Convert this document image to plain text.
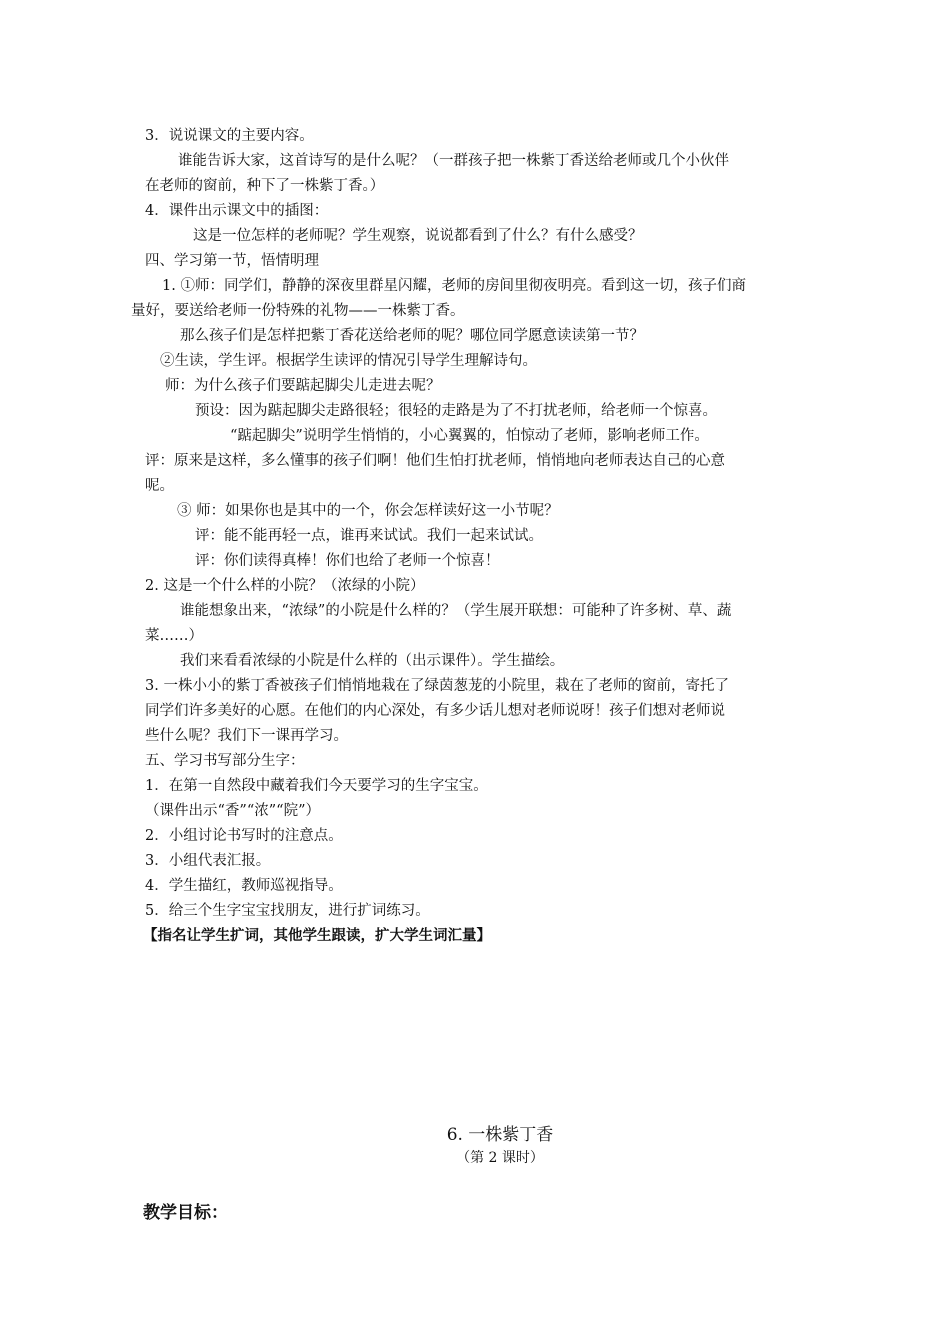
3．说说课文的主要内容。
谁能告诉大家，这首诗写的是什么呢？（一群孩子把一株紫丁香送给老师或几个小伙伴
在老师的窗前，种下了一株紫丁香。）
4．课件出示课文中的插图：
这是一位怎样的老师呢？学生观察，说说都看到了什么？有什么感受？
四、学习第一节，悟情明理
1. ①师：同学们，静静的深夜里群星闪耀，老师的房间里彻夜明亮。看到这一切，孩子们商
量好，要送给老师一份特殊的礼物——一株紫丁香。
那么孩子们是怎样把紫丁香花送给老师的呢？哪位同学愿意读读第一节？
②生读，学生评。根据学生读评的情况引导学生理解诗句。
师：为什么孩子们要踮起脚尖儿走进去呢？
预设：因为踮起脚尖走路很轻；很轻的走路是为了不打扰老师，给老师一个惊喜。
“踮起脚尖”说明学生悄悄的，小心翼翼的，怕惊动了老师，影响老师工作。
评：原来是这样，多么懂事的孩子们啊！他们生怕打扰老师，悄悄地向老师表达自己的心意
呢。
③ 师：如果你也是其中的一个，你会怎样读好这一小节呢？
评：能不能再轻一点，谁再来试试。我们一起来试试。
评：你们读得真棒！你们也给了老师一个惊喜！
2. 这是一个什么样的小院？（浓绿的小院）
谁能想象出来，“浓绿”的小院是什么样的？（学生展开联想：可能种了许多树、草、蔬
菜……）
我们来看看浓绿的小院是什么样的（出示课件）。学生描绘。
3. 一株小小的紫丁香被孩子们悄悄地栽在了绿茵葱茏的小院里，栽在了老师的窗前，寄托了
同学们许多美好的心愿。在他们的内心深处，有多少话儿想对老师说呀！孩子们想对老师说
些什么呢？我们下一课再学习。
五、学习书写部分生字：
1．在第一自然段中藏着我们今天要学习的生字宝宝。
（课件出示“香”“浓”“院”）
2．小组讨论书写时的注意点。
3．小组代表汇报。
4．学生描红，教师巡视指导。
5．给三个生字宝宝找朋友，进行扩词练习。
【指名让学生扩词，其他学生跟读，扩大学生词汇量】
6. 一株紫丁香
（第 2 课时）
教学目标：
